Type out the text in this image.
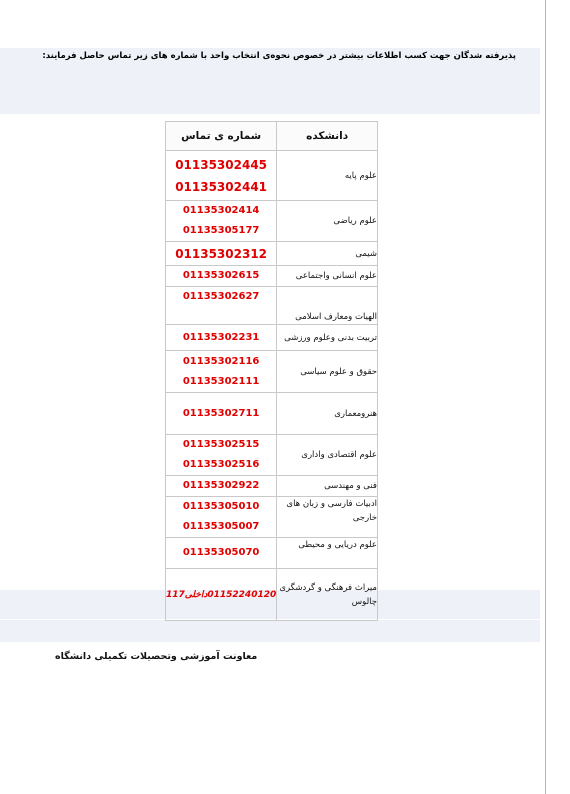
پذیرفته شدگان جهت کسب اطلاعات بیشتر در خصوص نحوه‌ی انتخاب واحد با شماره های زیر تماس حاصل فرمایند:
دانشکده	شماره ی تماس
علوم پایه	01135302445
01135302441

علوم ریاضی	01135302414
01135305177

شیمی	01135302312

علوم انسانی واجتماعی	01135302615

الهیات ومعارف اسلامی	01135302627

تربیت بدنی وعلوم ورزشی	01135302231

حقوق و علوم سیاسی	01135302116
01135302111

هنرومعماری	01135302711

علوم اقتصادی واداری	01135302515
01135302516

فنی و مهندسی	01135302922

ادبیات فارسی و زبان های خارجی	01135305010
01135305007

علوم دریایی و محیطی	01135305070

میراث فرهنگی و گردشگری چالوس	01152240120داخلی117
معاونت آموزشی وتحصیلات تکمیلی دانشگاه
